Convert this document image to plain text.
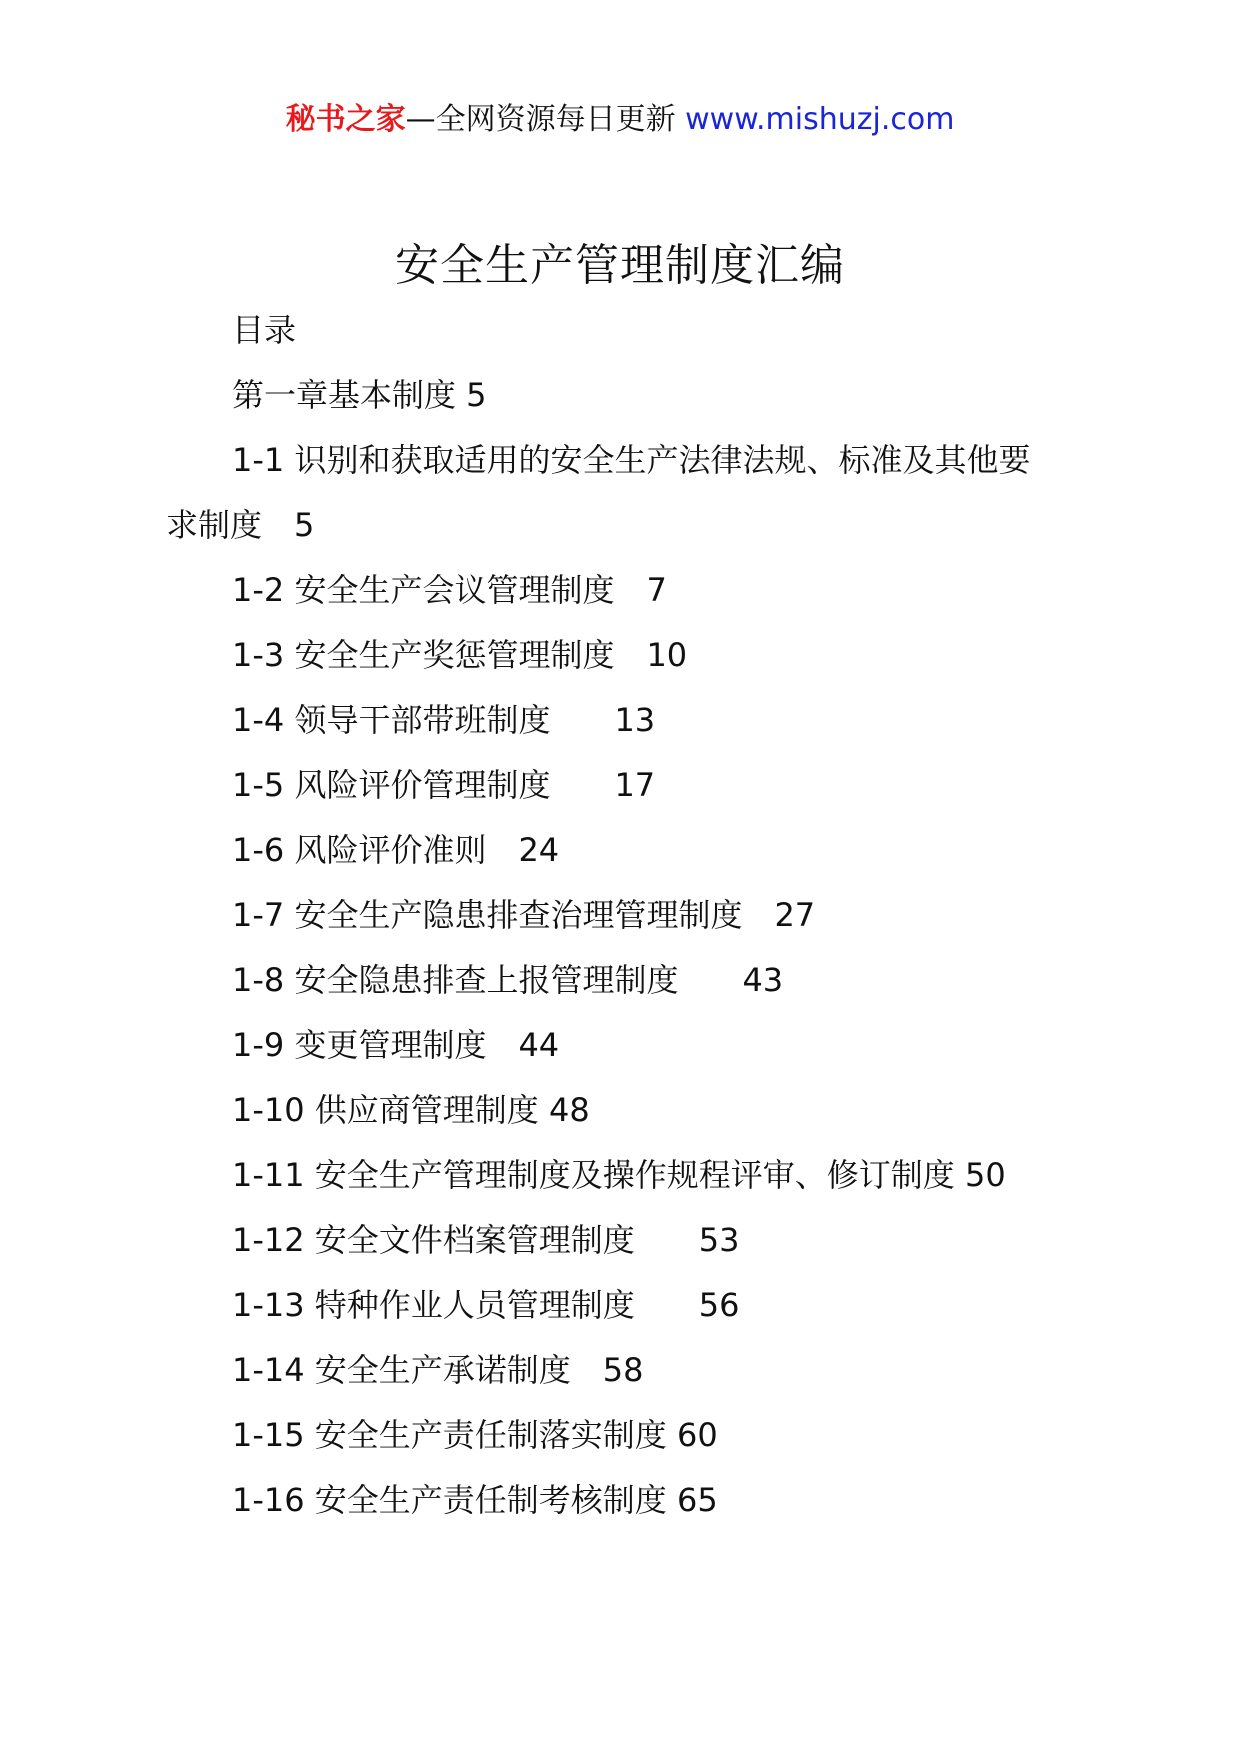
秘书之家—全网资源每日更新 www.mishuzj.com
安全生产管理制度汇编
目录
第一章基本制度 5
1-1 识别和获取适用的安全生产法律法规、标准及其他要
求制度　5
1-2 安全生产会议管理制度　7
1-3 安全生产奖惩管理制度　10
1-4 领导干部带班制度　　13
1-5 风险评价管理制度　　17
1-6 风险评价准则　24
1-7 安全生产隐患排查治理管理制度　27
1-8 安全隐患排查上报管理制度　　43
1-9 变更管理制度　44
1-10 供应商管理制度 48
1-11 安全生产管理制度及操作规程评审、修订制度 50
1-12 安全文件档案管理制度　　53
1-13 特种作业人员管理制度　　56
1-14 安全生产承诺制度　58
1-15 安全生产责任制落实制度 60
1-16 安全生产责任制考核制度 65
